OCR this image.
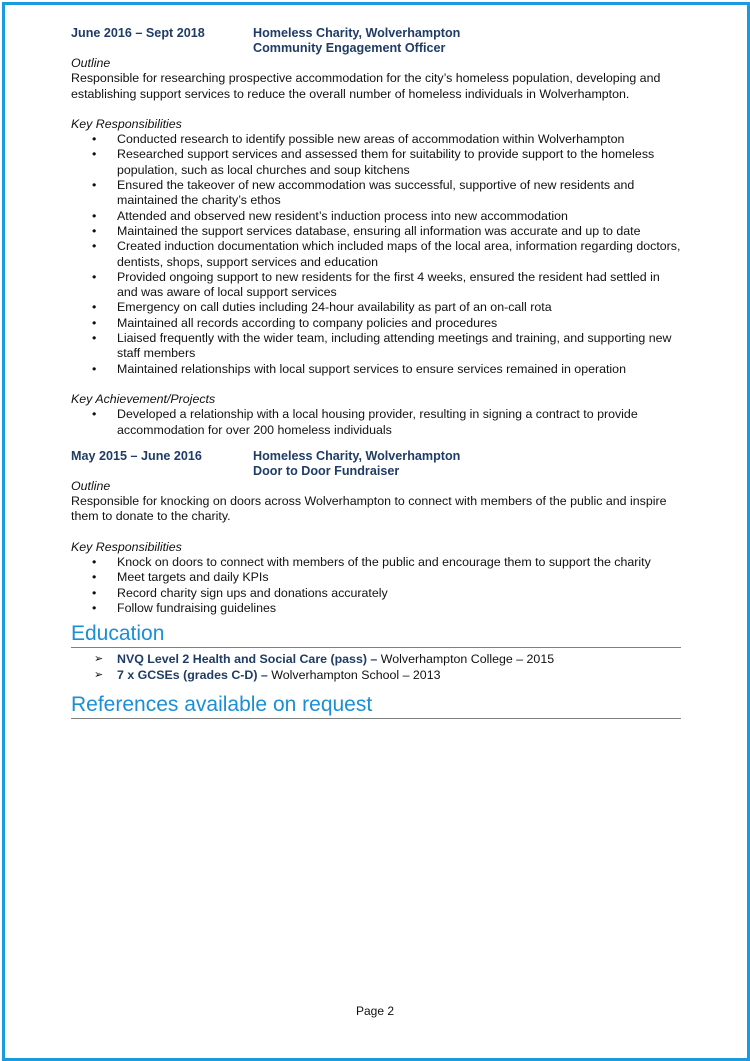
June 2016 – Sept 2018	Homeless Charity, Wolverhampton
Community Engagement Officer
Outline

Responsible for researching prospective accommodation for the city’s homeless population, developing and establishing support services to reduce the overall number of homeless individuals in Wolverhampton.

Key Responsibilities
• Conducted research to identify possible new areas of accommodation within Wolverhampton
• Researched support services and assessed them for suitability to provide support to the homeless population, such as local churches and soup kitchens
• Ensured the takeover of new accommodation was successful, supportive of new residents and maintained the charity’s ethos
• Attended and observed new resident’s induction process into new accommodation
• Maintained the support services database, ensuring all information was accurate and up to date
• Created induction documentation which included maps of the local area, information regarding doctors, dentists, shops, support services and education
• Provided ongoing support to new residents for the first 4 weeks, ensured the resident had settled in and was aware of local support services
• Emergency on call duties including 24-hour availability as part of an on-call rota
• Maintained all records according to company policies and procedures
• Liaised frequently with the wider team, including attending meetings and training, and supporting new staff members
• Maintained relationships with local support services to ensure services remained in operation
Key Achievement/Projects
• Developed a relationship with a local housing provider, resulting in signing a contract to provide accommodation for over 200 homeless individuals
May 2015 – June 2016	Homeless Charity, Wolverhampton
Door to Door Fundraiser
Outline

Responsible for knocking on doors across Wolverhampton to connect with members of the public and inspire them to donate to the charity.

Key Responsibilities
• Knock on doors to connect with members of the public and encourage them to support the charity
• Meet targets and daily KPIs
• Record charity sign ups and donations accurately
• Follow fundraising guidelines
Education
➢ NVQ Level 2 Health and Social Care (pass) – Wolverhampton College – 2015
➢ 7 x GCSEs (grades C-D) – Wolverhampton School – 2013
References available on request
Page 2
